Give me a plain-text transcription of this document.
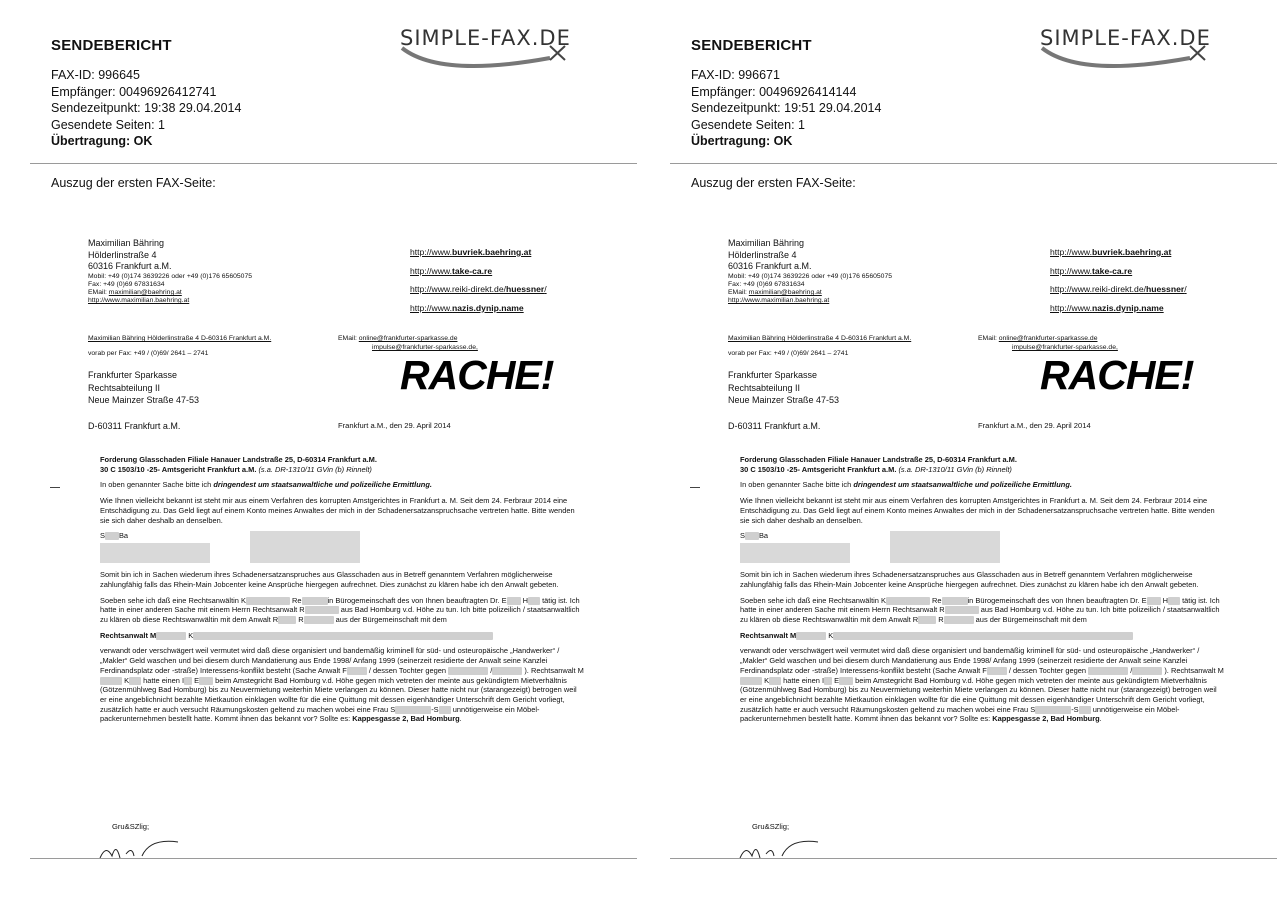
SENDEBERICHT	SIMPLE-FAX.DE
FAX-ID: 996645
Empfänger: 00496926412741
Sendezeitpunkt: 19:38 29.04.2014
Gesendete Seiten: 1
Übertragung: OK
Auszug der ersten FAX-Seite:
Maximilian Bähring
Hölderlinstraße 4
60316 Frankfurt a.M.
Mobil: +49 (0)174 3639226 oder +49 (0)176 65605075
Fax: +49 (0)69 67831634
EMail: maximilian@baehring.at
http://www.maximilian.baehring.at
http://www.buvriek.baehring.at
http://www.take-ca.re
http://www.reiki-direkt.de/huessner/
http://www.nazis.dynip.name
Maximilian Bähring Hölderlinstraße 4 D-60316 Frankfurt a.M.
vorab per Fax: +49 / (0)69/ 2641 – 2741
EMail: online@frankfurter-sparkasse.de
impulse@frankfurter-sparkasse.de,
Frankfurter Sparkasse
Rechtsabteilung II
Neue Mainzer Straße 47-53
RACHE!
D-60311 Frankfurt a.M.	Frankfurt a.M., den 29. April 2014

Forderung Glasschaden Filiale Hanauer Landstraße 25, D-60314 Frankfurt a.M.
30 C 1503/10 -25- Amtsgericht Frankfurt a.M. (s.a. DR-1310/11 GVin (b) Rinnelt)

In oben genannter Sache bitte ich dringendest um staatsanwaltliche und polizeiliche Ermittlung.

Wie Ihnen vielleicht bekannt ist steht mir aus einem Verfahren des korrupten Amstgerichtes in Frankfurt a. M. Seit dem 24. Ferbraur 2014 eine Entschädigung zu. Das Geld liegt auf einem Konto meines Anwaltes der mich in der Schadenersatzanspruchsache vertreten hatte. Bitte wenden sie sich daher deshalb an denselben.

S Ba

Somit bin ich in Sachen wiederum ihres Schadenersatzanspruches aus Glasschaden aus in Betreff genanntem Verfahren möglicherweise zahlungfähig falls das Rhein-Main Jobcenter keine Ansprüche hiergegen aufrechnet. Dies zunächst zu klären habe ich den Anwalt gebeten.

Soeben sehe ich daß eine Rechtsanwältin K	Re	in Bürogemeinschaft des von Ihnen beauftragten Dr. E H tätig ist. Ich hatte in einer anderen Sache mit einem Herrn Rechtsanwalt R	aus Bad Homburg v.d. Höhe zu tun. Ich bitte polizeilich / staatsanwaltlich zu klären ob diese Rechtswanwältin mit dem Anwalt R R	aus der Bürgemeinschaft mit dem

Rechtsanwalt M	K

verwandt oder verschwägert weil vermutet wird daß diese organisiert und bandemäßig kriminell für süd- und osteuropäische „Handwerker“ /„Makler“ Geld waschen und bei diesem durch Mandatierung aus Ende 1998/ Anfang 1999 (seinerzeit residierte der Anwalt seine Kanzlei Ferdinandsplatz oder -straße) Interessens-konflikt besteht (Sache Anwalt F	/ dessen Tochter gegen	/	). Rechtsanwalt M K hatte einen I E beim Amstegricht Bad Homburg v.d. Höhe gegen mich vetreten der meinte aus gekündigtem Mietverhältnis (Götzenmühlweg Bad Homburg) bis zu Neuvermietung weiterhin Miete verlangen zu können. Dieser hatte nicht nur (starangezeigt) betrogen weil er eine angeblichnicht bezahlte Mietkaution einklagen wollte für die eine Quittung mit dessen eigenhändiger Unterschrift dem Gericht vorliegt, zusätzlich hatte er auch versucht Räumungskosten geltend zu machen wobei eine Frau S	-S unnötigerweise ein Möbel-packerunternehmen bestellt hatte. Kommt ihnen das bekannt vor? Sollte es: Kappesgasse 2, Bad Homburg.

Gru&SZlig;
SENDEBERICHT	SIMPLE-FAX.DE
FAX-ID: 996671
Empfänger: 00496926414144
Sendezeitpunkt: 19:51 29.04.2014
Gesendete Seiten: 1
Übertragung: OK
Auszug der ersten FAX-Seite:
Maximilian Bähring
Hölderlinstraße 4
60316 Frankfurt a.M.
Mobil: +49 (0)174 3639226 oder +49 (0)176 65605075
Fax: +49 (0)69 67831634
EMail: maximilian@baehring.at
http://www.maximilian.baehring.at
http://www.buvriek.baehring.at
http://www.take-ca.re
http://www.reiki-direkt.de/huessner/
http://www.nazis.dynip.name
Maximilian Bähring Hölderlinstraße 4 D-60316 Frankfurt a.M.
vorab per Fax: +49 / (0)69/ 2641 – 2741
EMail: online@frankfurter-sparkasse.de
impulse@frankfurter-sparkasse.de,
Frankfurter Sparkasse
Rechtsabteilung II
Neue Mainzer Straße 47-53
RACHE!
D-60311 Frankfurt a.M.	Frankfurt a.M., den 29. April 2014

Forderung Glasschaden Filiale Hanauer Landstraße 25, D-60314 Frankfurt a.M.
30 C 1503/10 -25- Amtsgericht Frankfurt a.M. (s.a. DR-1310/11 GVin (b) Rinnelt)

In oben genannter Sache bitte ich dringendest um staatsanwaltliche und polizeiliche Ermittlung.

Wie Ihnen vielleicht bekannt ist steht mir aus einem Verfahren des korrupten Amstgerichtes in Frankfurt a. M. Seit dem 24. Ferbraur 2014 eine Entschädigung zu. Das Geld liegt auf einem Konto meines Anwaltes der mich in der Schadenersatzanspruchsache vertreten hatte. Bitte wenden sie sich daher deshalb an denselben.

S Ba

Somit bin ich in Sachen wiederum ihres Schadenersatzanspruches aus Glasschaden aus in Betreff genanntem Verfahren möglicherweise zahlungfähig falls das Rhein-Main Jobcenter keine Ansprüche hiergegen aufrechnet. Dies zunächst zu klären habe ich den Anwalt gebeten.

Soeben sehe ich daß eine Rechtsanwältin K	Re	in Bürogemeinschaft des von Ihnen beauftragten Dr. E H tätig ist. Ich hatte in einer anderen Sache mit einem Herrn Rechtsanwalt R	aus Bad Homburg v.d. Höhe zu tun. Ich bitte polizeilich / staatsanwaltlich zu klären ob diese Rechtswanwältin mit dem Anwalt R R	aus der Bürgemeinschaft mit dem

Rechtsanwalt M	K

verwandt oder verschwägert weil vermutet wird daß diese organisiert und bandemäßig kriminell für süd- und osteuropäische „Handwerker“ /„Makler“ Geld waschen und bei diesem durch Mandatierung aus Ende 1998/ Anfang 1999 (seinerzeit residierte der Anwalt seine Kanzlei Ferdinandsplatz oder -straße) Interessens-konflikt besteht (Sache Anwalt F	/ dessen Tochter gegen	/	). Rechtsanwalt M K hatte einen I E beim Amstegricht Bad Homburg v.d. Höhe gegen mich vetreten der meinte aus gekündigtem Mietverhältnis (Götzenmühlweg Bad Homburg) bis zu Neuvermietung weiterhin Miete verlangen zu können. Dieser hatte nicht nur (starangezeigt) betrogen weil er eine angeblichnicht bezahlte Mietkaution einklagen wollte für die eine Quittung mit dessen eigenhändiger Unterschrift dem Gericht vorliegt, zusätzlich hatte er auch versucht Räumungskosten geltend zu machen wobei eine Frau S	-S unnötigerweise ein Möbel-packerunternehmen bestellt hatte. Kommt ihnen das bekannt vor? Sollte es: Kappesgasse 2, Bad Homburg.

Gru&SZlig;
